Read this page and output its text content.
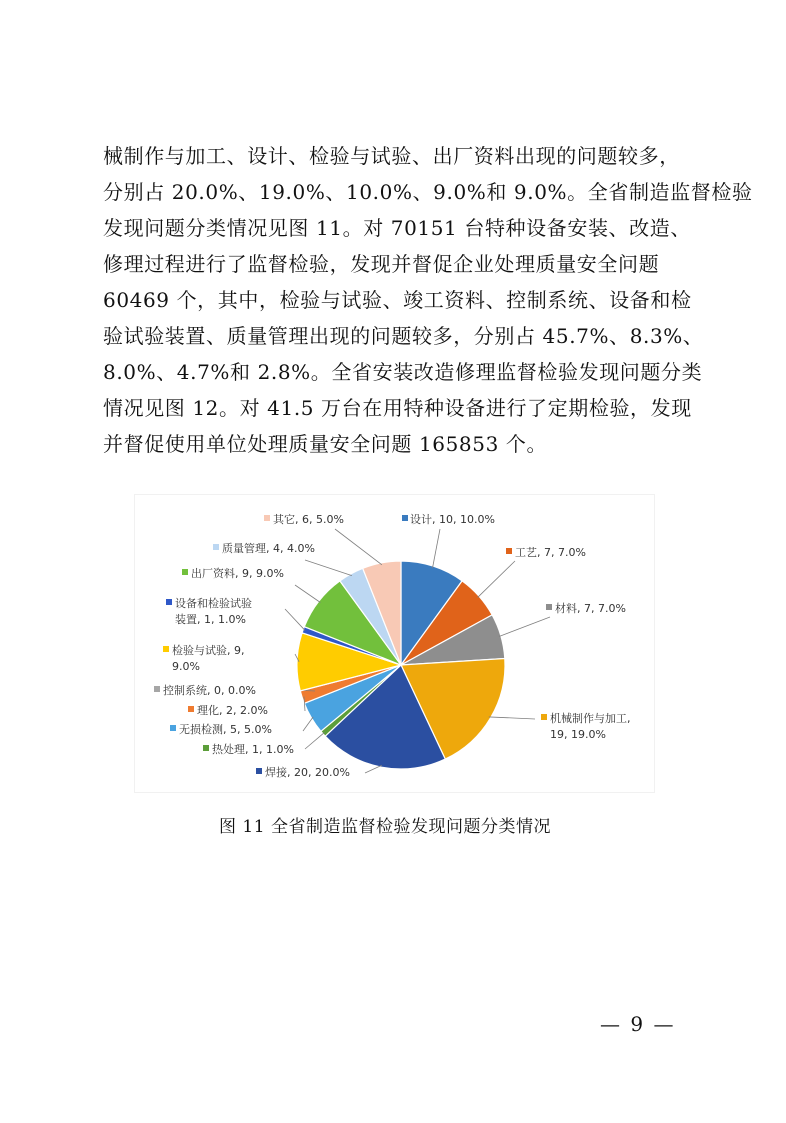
械制作与加工、设计、检验与试验、出厂资料出现的问题较多，
分别占 20.0%、19.0%、10.0%、9.0%和 9.0%。全省制造监督检验
发现问题分类情况见图 11。对 70151 台特种设备安装、改造、
修理过程进行了监督检验，发现并督促企业处理质量安全问题
60469 个，其中，检验与试验、竣工资料、控制系统、设备和检
验试验装置、质量管理出现的问题较多，分别占 45.7%、8.3%、
8.0%、4.7%和 2.8%。全省安装改造修理监督检验发现问题分类
情况见图 12。对 41.5 万台在用特种设备进行了定期检验，发现
并督促使用单位处理质量安全问题 165853 个。
设计, 10, 10.0%
工艺, 7, 7.0%
材料, 7, 7.0%
机械制作与加工,
19, 19.0%
焊接, 20, 20.0%
热处理, 1, 1.0%
无损检测, 5, 5.0%
理化, 2, 2.0%
控制系统, 0, 0.0%
检验与试验, 9,
9.0%
设备和检验试验
装置, 1, 1.0%
出厂资料, 9, 9.0%
质量管理, 4, 4.0%
其它, 6, 5.0%
图 11 全省制造监督检验发现问题分类情况
— 9 —
